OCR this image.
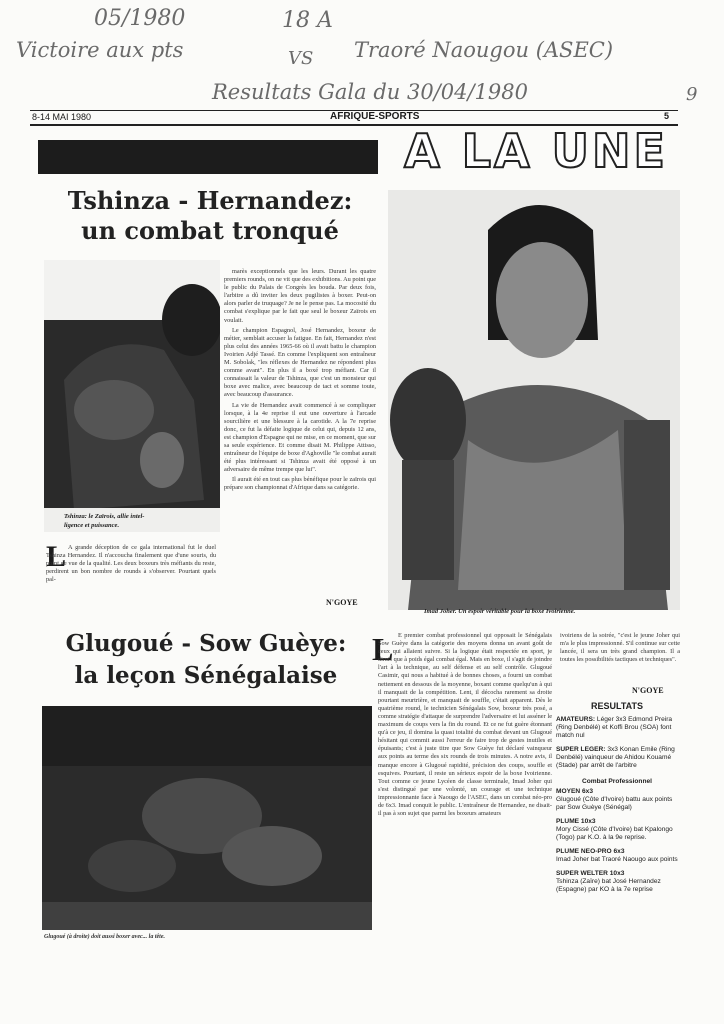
05/1980	18 A
Victoire aux pts	VS Traoré Naougou (ASEC)
Resultats Gala du 30/04/1980	9
8-14 MAI 1980	AFRIQUE-SPORTS	5
A LA UNE
Tshinza - Hernandez:
un combat tronqué
Tshinza: le Zaïrois, allie intel-
ligence et puissance.
L A grande déception de ce gala international fut le duel Tshinza Hernandez. Il n'accoucha finalement que d'une souris, du point de vue de la qualité. Les deux boxeurs très méfiants du reste, perdirent un bon nombre de rounds à s'observer. Pourtant quels pal-

marès exceptionnels que les leurs. Durant les quatre premiers rounds, on ne vit que des exhibitions. Au point que le public du Palais de Congrès les bouda. Par deux fois, l'arbitre a dû inviter les deux pugilistes à boxer. Peut-on alors parler de truquage? Je ne le pense pas. La mocosité du combat s'explique par le fait que seul le boxeur Zaïrois en voulait.

Le champion Espagnol, José Hernandez, boxeur de métier, semblait accuser la fatigue. En fait, Hernandez n'est plus celui des années 1965-66 où il avait battu le champion Ivoirien Adjé Tassé. En comme l'expliquent son entraîneur M. Sobolak, "les réflexes de Hernandez ne répondent plus comme avant". En plus il a boxé trop méfiant. Car il connaissait la valeur de Tshinza, que c'est un monsieur qui boxe avec malice, avec beaucoup de tact et somme toute, avec beaucoup d'assurance.

La vie de Hernandez avait commencé à se compliquer lorsque, à la 4e reprise il eut une ouverture à l'arcade sourcilière et une blessure à la carotide. A la 7e reprise donc, ce fut la défaite logique de celui qui, depuis 12 ans, est champion d'Espagne qui ne mise, en ce moment, que sur sa seule expérience. Et comme disait M. Philippe Attisso, entraîneur de l'équipe de boxe d'Aghoville "le combat aurait été plus intéressant si Tshinza avait été opposé à un adversaire de même trempe que lui".

Il aurait été en tout cas plus bénéfique pour le zaïrois qui prépare son championnat d'Afrique dans sa catégorie.

N'GOYE
Imad Joher. Un espoir véritable pour la boxe Ivoirienne.
Glugoué - Sow Guèye:
la leçon Sénégalaise
Glugoué (à droite) doit aussi boxer avec... la tête.
L E premier combat professionnel qui opposait le Sénégalais Sow Guèye dans la catégorie des moyens donna un avant goût de ceux qui allaient suivre. Si la logique était respectée en sport, je dirais que à poids égal combat égal. Mais en boxe, il s'agit de joindre l'art à la technique, au self défense et au self contrôle. Glugoué Casimir, qui nous a habitué à de bonnes choses, a fourni un combat nettement en dessous de la moyenne, boxant comme quelqu'un à qui il manquait de la compétition. Lent, il décocha rarement sa droite pourtant meurtrière, et manquait de souffle, c'était apparent. Dès le quatrième round, le technicien Sénégalais Sow, boxeur très posé, a comme stratégie d'attaque de surprendre l'adversaire et lui asséner le maximum de coups vers la fin du round. Et ce ne fut guère étonnant qu'à ce jeu, il domina la quasi totalité du combat devant un Glugoué hésitant qui commit aussi l'erreur de faire trop de gestes inutiles et épuisants; c'est à juste titre que Sow Guèye fut déclaré vainqueur aux points au terme des six rounds de trois minutes. A notre avis, il manque encore à Glugoué rapidité, précision des coups, souffle et esquives. Pourtant, il reste un sérieux espoir de la boxe Ivoirienne. Tout comme ce jeune Lycéen de classe terminale, Imad Joher qui s'est distingué par une volonté, un courage et une technique impressionnante face à Naougo de l'ASEC, dans un combat néo-pro de 6x3. Imad conquit le public. L'entraîneur de Hernandez, ne disait-il pas à son sujet que parmi les boxeurs amateurs

ivoiriens de la soirée, "c'est le jeune Joher qui m'a le plus impressionné. S'il continue sur cette lancée, il sera un très grand champion. Il a toutes les possibilités tactiques et techniques".

N'GOYE
RESULTATS
AMATEURS: Léger 3x3 Edmond Preira (Ring Denbélé) et Koffi Brou (SOA) font match nul
SUPER LEGER: 3x3 Konan Emile (Ring Denbélé) vainqueur de Ahidou Kouamé (Stade) par arrêt de l'arbitre
Combat Professionnel
MOYEN 6x3
Glugoué (Côte d'Ivoire) battu aux points par Sow Guèye (Sénégal)
PLUME 10x3
Mory Cissé (Côte d'Ivoire) bat Kpalongo (Togo) par K.O. à la 9e reprise.
PLUME NEO-PRO 6x3
Imad Joher bat Traoré Naougo aux points
SUPER WELTER 10x3
Tshinza (Zaïre) bat José Hernandez (Espagne) par KO à la 7e reprise
